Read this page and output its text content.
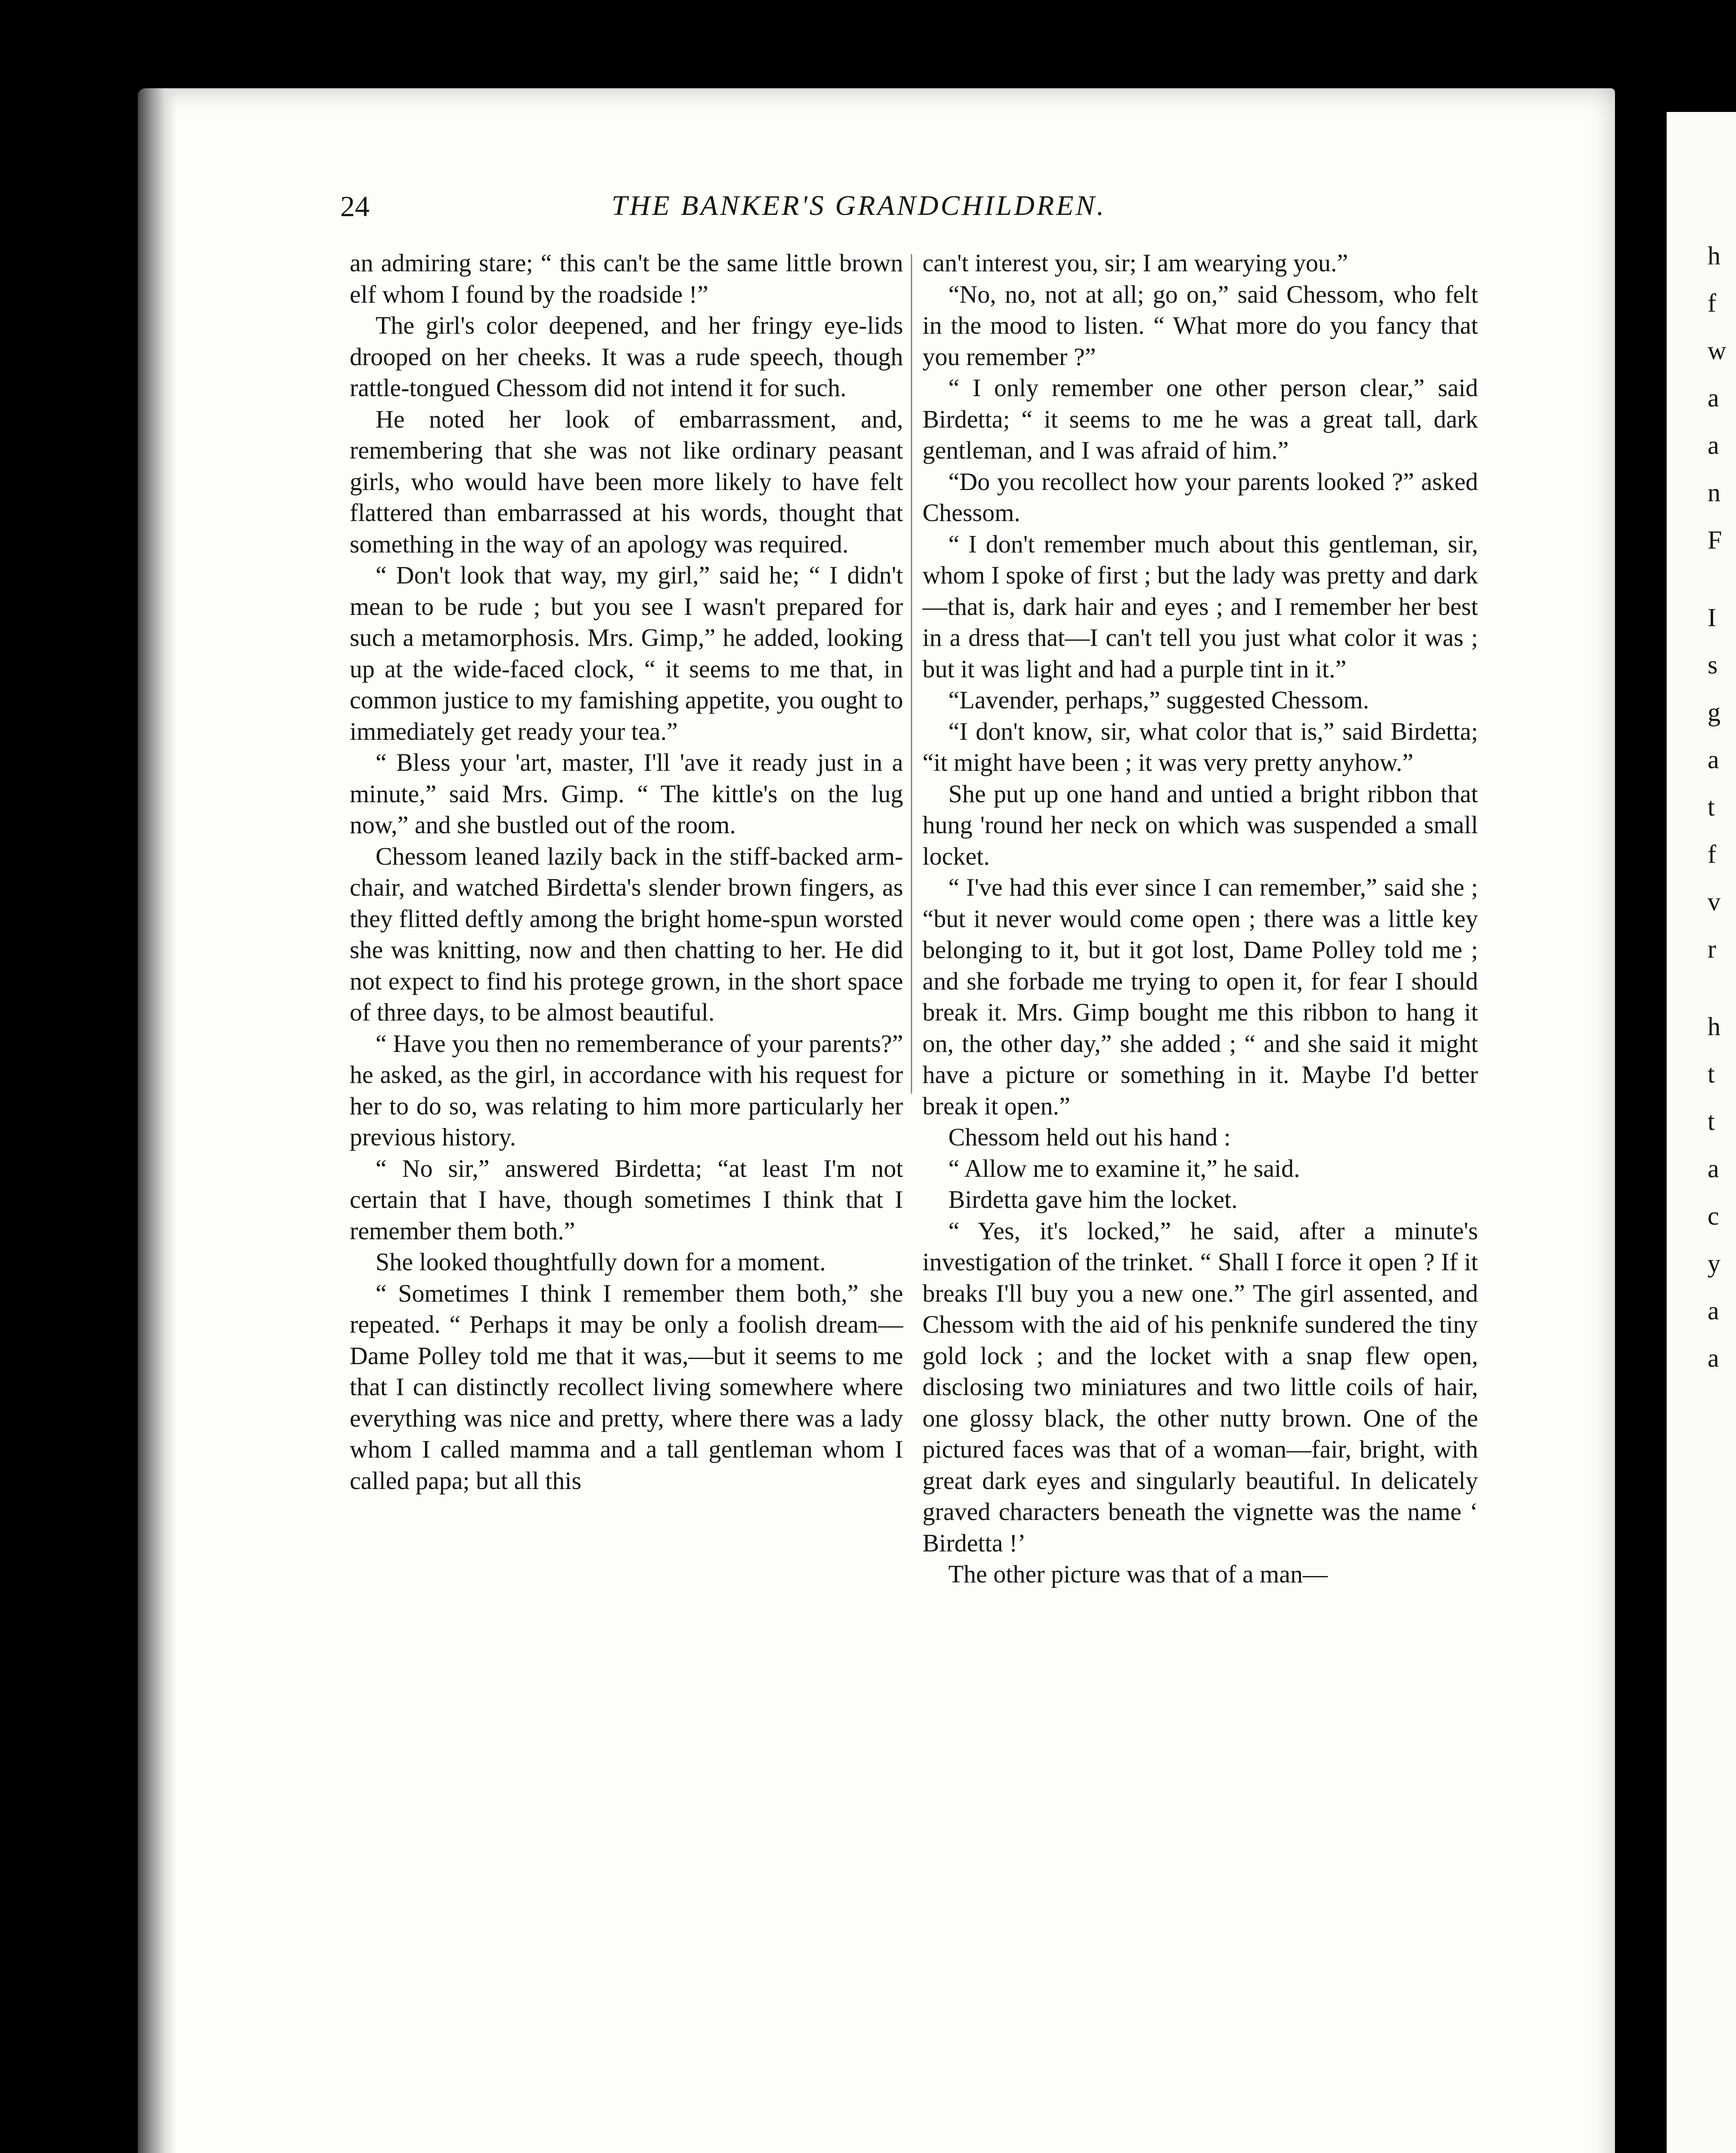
h
f
w
a
a
n
F
I
s
g
a
t
f
v
r
h
t
t
a
c
y
a
a
24	THE BANKER'S GRANDCHILDREN.

an admiring stare; “ this can't be the same little brown elf whom I found by the roadside !”

The girl's color deepened, and her fringy eye-lids drooped on her cheeks. It was a rude speech, though rattle-tongued Chessom did not intend it for such.

He noted her look of embarrassment, and, remembering that she was not like ordinary peasant girls, who would have been more likely to have felt flattered than embarrassed at his words, thought that something in the way of an apology was required.

“ Don't look that way, my girl,” said he; “ I didn't mean to be rude ; but you see I wasn't prepared for such a metamorphosis. Mrs. Gimp,” he added, looking up at the wide-faced clock, “ it seems to me that, in common justice to my famishing appetite, you ought to immediately get ready your tea.”

“ Bless your 'art, master, I'll 'ave it ready just in a minute,” said Mrs. Gimp. “ The kittle's on the lug now,” and she bustled out of the room.

Chessom leaned lazily back in the stiff-backed arm-chair, and watched Birdetta's slender brown fingers, as they flitted deftly among the bright home-spun worsted she was knitting, now and then chatting to her. He did not expect to find his protege grown, in the short space of three days, to be almost beautiful.

“ Have you then no rememberance of your parents?” he asked, as the girl, in accordance with his request for her to do so, was relating to him more particularly her previous history.

“ No sir,” answered Birdetta; “at least I'm not certain that I have, though sometimes I think that I remember them both.”

She looked thoughtfully down for a moment.

“ Sometimes I think I remember them both,” she repeated. “ Perhaps it may be only a foolish dream—Dame Polley told me that it was,—but it seems to me that I can distinctly recollect living somewhere where everything was nice and pretty, where there was a lady whom I called mamma and a tall gentleman whom I called papa; but all this

can't interest you, sir; I am wearying you.”

“No, no, not at all; go on,” said Chessom, who felt in the mood to listen. “ What more do you fancy that you remember ?”

“ I only remember one other person clear,” said Birdetta; “ it seems to me he was a great tall, dark gentleman, and I was afraid of him.”

“Do you recollect how your parents looked ?” asked Chessom.

“ I don't remember much about this gentleman, sir, whom I spoke of first ; but the lady was pretty and dark—that is, dark hair and eyes ; and I remember her best in a dress that—I can't tell you just what color it was ; but it was light and had a purple tint in it.”

“Lavender, perhaps,” suggested Chessom.

“I don't know, sir, what color that is,” said Birdetta; “it might have been ; it was very pretty anyhow.”

She put up one hand and untied a bright ribbon that hung 'round her neck on which was suspended a small locket.

“ I've had this ever since I can remember,” said she ; “but it never would come open ; there was a little key belonging to it, but it got lost, Dame Polley told me ; and she forbade me trying to open it, for fear I should break it. Mrs. Gimp bought me this ribbon to hang it on, the other day,” she added ; “ and she said it might have a picture or something in it. Maybe I'd better break it open.”

Chessom held out his hand :

“ Allow me to examine it,” he said.

Birdetta gave him the locket.

“ Yes, it's locked,” he said, after a minute's investigation of the trinket. “ Shall I force it open ? If it breaks I'll buy you a new one.” The girl assented, and Chessom with the aid of his penknife sundered the tiny gold lock ; and the locket with a snap flew open, disclosing two miniatures and two little coils of hair, one glossy black, the other nutty brown. One of the pictured faces was that of a woman—fair, bright, with great dark eyes and singularly beautiful. In delicately graved characters beneath the vignette was the name ‘ Birdetta !’

The other picture was that of a man—
